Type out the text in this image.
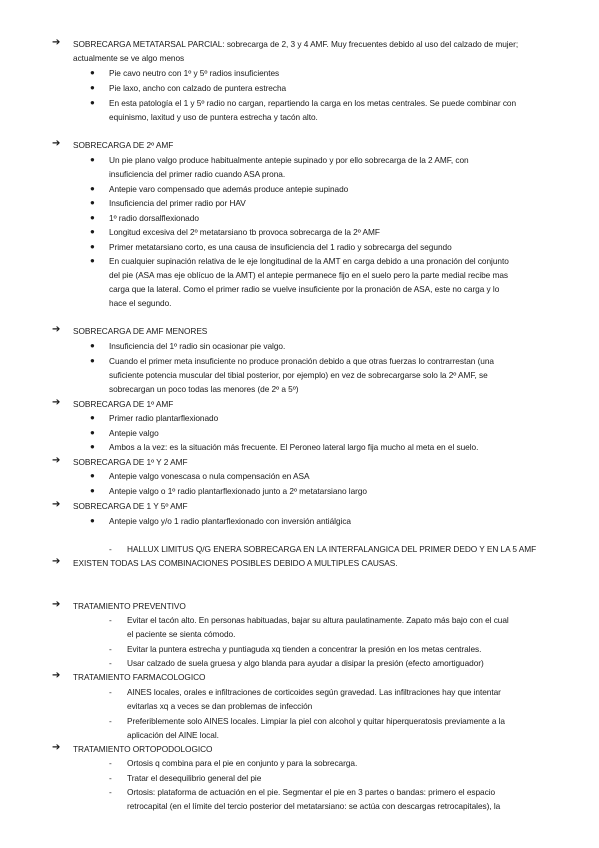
➔ SOBRECARGA METATARSAL PARCIAL: sobrecarga de 2, 3 y 4 AMF. Muy frecuentes debido al uso del calzado de mujer;
actualmente se ve algo menos
● Pie cavo neutro con 1º y 5º radios insuficientes
● Pie laxo, ancho con calzado de puntera estrecha
● En esta patología el 1 y 5º radio no cargan, repartiendo la carga en los metas centrales. Se puede combinar con
equinismo, laxitud y uso de puntera estrecha y tacón alto.
➔ SOBRECARGA DE 2º AMF
● Un pie plano valgo produce habitualmente antepie supinado y por ello sobrecarga de la 2 AMF, con
insuficiencia del primer radio cuando ASA prona.
● Antepie varo compensado que además produce antepie supinado
● Insuficiencia del primer radio por HAV
● 1º radio dorsalflexionado
● Longitud excesiva del 2º metatarsiano tb provoca sobrecarga de la 2º AMF
● Primer metatarsiano corto, es una causa de insuficiencia del 1 radio y sobrecarga del segundo
● En cualquier supinación relativa de le eje longitudinal de la AMT en carga debido a una pronación del conjunto
del pie (ASA mas eje oblícuo de la AMT) el antepie permanece fijo en el suelo pero la parte medial recibe mas
carga que la lateral. Como el primer radio se vuelve insuficiente por la pronación de ASA, este no carga y lo
hace el segundo.
➔ SOBRECARGA DE AMF MENORES
● Insuficiencia del 1º radio sin ocasionar pie valgo.
● Cuando el primer meta insuficiente no produce pronación debido a que otras fuerzas lo contrarrestan (una
suficiente potencia muscular del tibial posterior, por ejemplo) en vez de sobrecargarse solo la 2º AMF, se
sobrecargan un poco todas las menores (de 2º a 5º)
➔ SOBRECARGA DE 1º AMF
● Primer radio plantarflexionado
● Antepie valgo
● Ambos a la vez: es la situación más frecuente. El Peroneo lateral largo fija mucho al meta en el suelo.
➔ SOBRECARGA DE 1º Y 2 AMF
● Antepie valgo vonescasa o nula compensación en ASA
● Antepie valgo o 1º radio plantarflexionado junto a 2º metatarsiano largo
➔ SOBRECARGA DE 1 Y 5º AMF
● Antepie valgo y/o 1 radio plantarflexionado con inversión antiálgica
- HALLUX LIMITUS Q/G ENERA SOBRECARGA EN LA INTERFALANGICA DEL PRIMER DEDO Y EN LA 5 AMF
➔ EXISTEN TODAS LAS COMBINACIONES POSIBLES DEBIDO A MULTIPLES CAUSAS.
➔ TRATAMIENTO PREVENTIVO
- Evitar el tacón alto. En personas habituadas, bajar su altura paulatinamente. Zapato más bajo con el cual
el paciente se sienta cómodo.
- Evitar la puntera estrecha y puntiaguda xq tienden a concentrar la presión en los metas centrales.
- Usar calzado de suela gruesa y algo blanda para ayudar a disipar la presión (efecto amortiguador)
➔ TRATAMIENTO FARMACOLOGICO
- AINES locales, orales e infiltraciones de corticoides según gravedad. Las infiltraciones hay que intentar
evitarlas xq a veces se dan problemas de infección
- Preferiblemente solo AINES locales. Limpiar la piel con alcohol y quitar hiperqueratosis previamente a la
aplicación del AINE local.
➔ TRATAMIENTO ORTOPODOLOGICO
- Ortosis q combina para el pie en conjunto y para la sobrecarga.
- Tratar el desequilibrio general del pie
- Ortosis: plataforma de actuación en el pie. Segmentar el pie en 3 partes o bandas: primero el espacio
retrocapital (en el límite del tercio posterior del metatarsiano: se actúa con descargas retrocapitales), la
